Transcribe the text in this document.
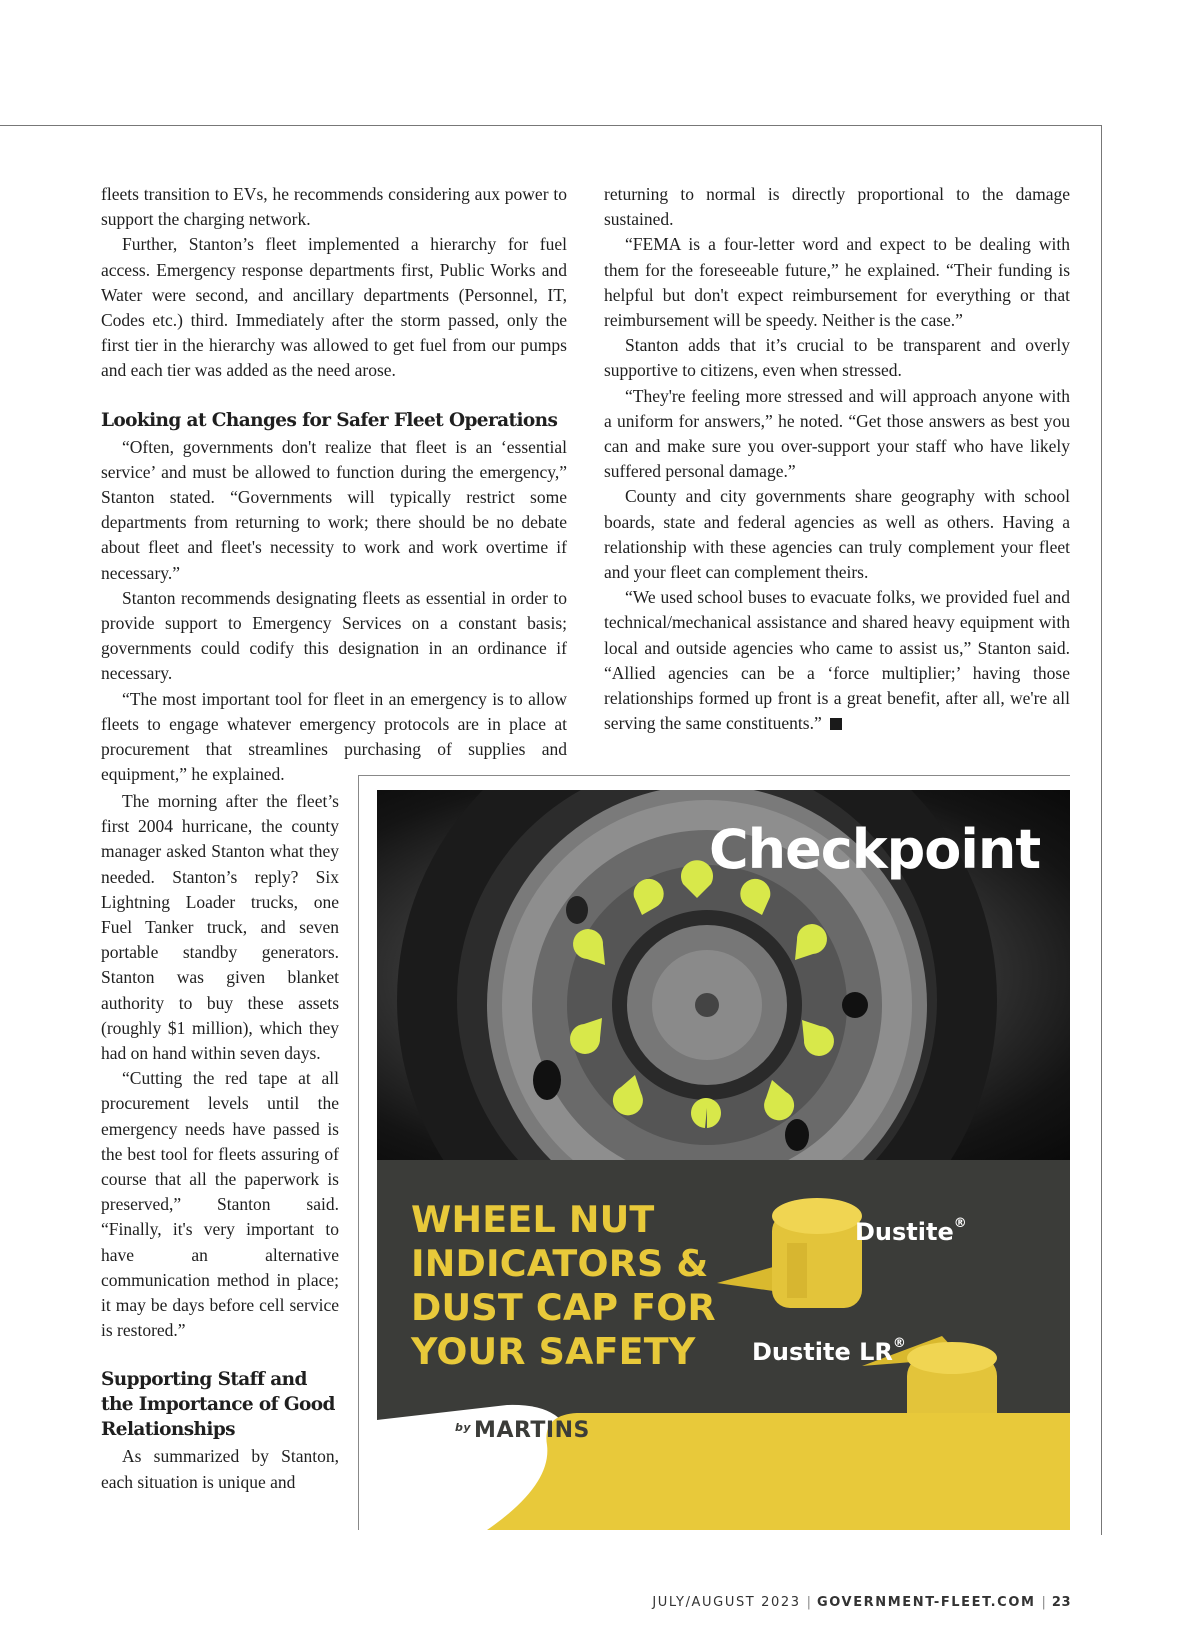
fleets transition to EVs, he recommends considering aux power to support the charging network.

Further, Stanton’s fleet implemented a hierarchy for fuel access. Emergency response departments first, Public Works and Water were second, and ancillary departments (Personnel, IT, Codes etc.) third. Immediately after the storm passed, only the first tier in the hierarchy was allowed to get fuel from our pumps and each tier was added as the need arose.

Looking at Changes for Safer Fleet Operations

“Often, governments don't realize that fleet is an ‘essential service’ and must be allowed to function during the emergency,” Stanton stated. “Governments will typically restrict some departments from returning to work; there should be no debate about fleet and fleet's necessity to work and work overtime if necessary.”

Stanton recommends designating fleets as essential in order to provide support to Emergency Services on a constant basis; governments could codify this designation in an ordinance if necessary.

“The most important tool for fleet in an emergency is to allow fleets to engage whatever emergency protocols are in place at procurement that streamlines purchasing of supplies and equipment,” he explained.

The morning after the fleet’s first 2004 hurricane, the county manager asked Stanton what they needed. Stanton’s reply? Six Lightning Loader trucks, one Fuel Tanker truck, and seven portable standby generators. Stanton was given blanket authority to buy these assets (roughly $1 million), which they had on hand within seven days.

“Cutting the red tape at all procurement levels until the emergency needs have passed is the best tool for fleets assuring of course that all the paperwork is preserved,” Stanton said. “Finally, it's very important to have an alternative communication method in place; it may be days before cell service is restored.”

Supporting Staff and the Importance of Good Relationships

As summarized by Stanton, each situation is unique and

returning to normal is directly proportional to the damage sustained.

“FEMA is a four-letter word and expect to be dealing with them for the foreseeable future,” he explained. “Their funding is helpful but don't expect reimbursement for everything or that reimbursement will be speedy. Neither is the case.”

Stanton adds that it’s crucial to be transparent and overly supportive to citizens, even when stressed.

“They're feeling more stressed and will approach anyone with a uniform for answers,” he noted. “Get those answers as best you can and make sure you over-support your staff who have likely suffered personal damage.”

County and city governments share geography with school boards, state and federal agencies as well as others. Having a relationship with these agencies can truly complement your fleet and your fleet can complement theirs.

“We used school buses to evacuate folks, we provided fuel and technical/mechanical assistance and shared heavy equipment with local and outside agencies who came to assist us,” Stanton said. “Allied agencies can be a ‘force multiplier;’ having those relationships formed up front is a great benefit, after all, we're all serving the same constituents.”

Checkpoint
WHEEL NUT
INDICATORS &
DUST CAP FOR
YOUR SAFETY
Dustite®
Dustite LR®
$^{by}$ MARTINS
JULY/AUGUST 2023 | GOVERNMENT-FLEET.COM | 23
